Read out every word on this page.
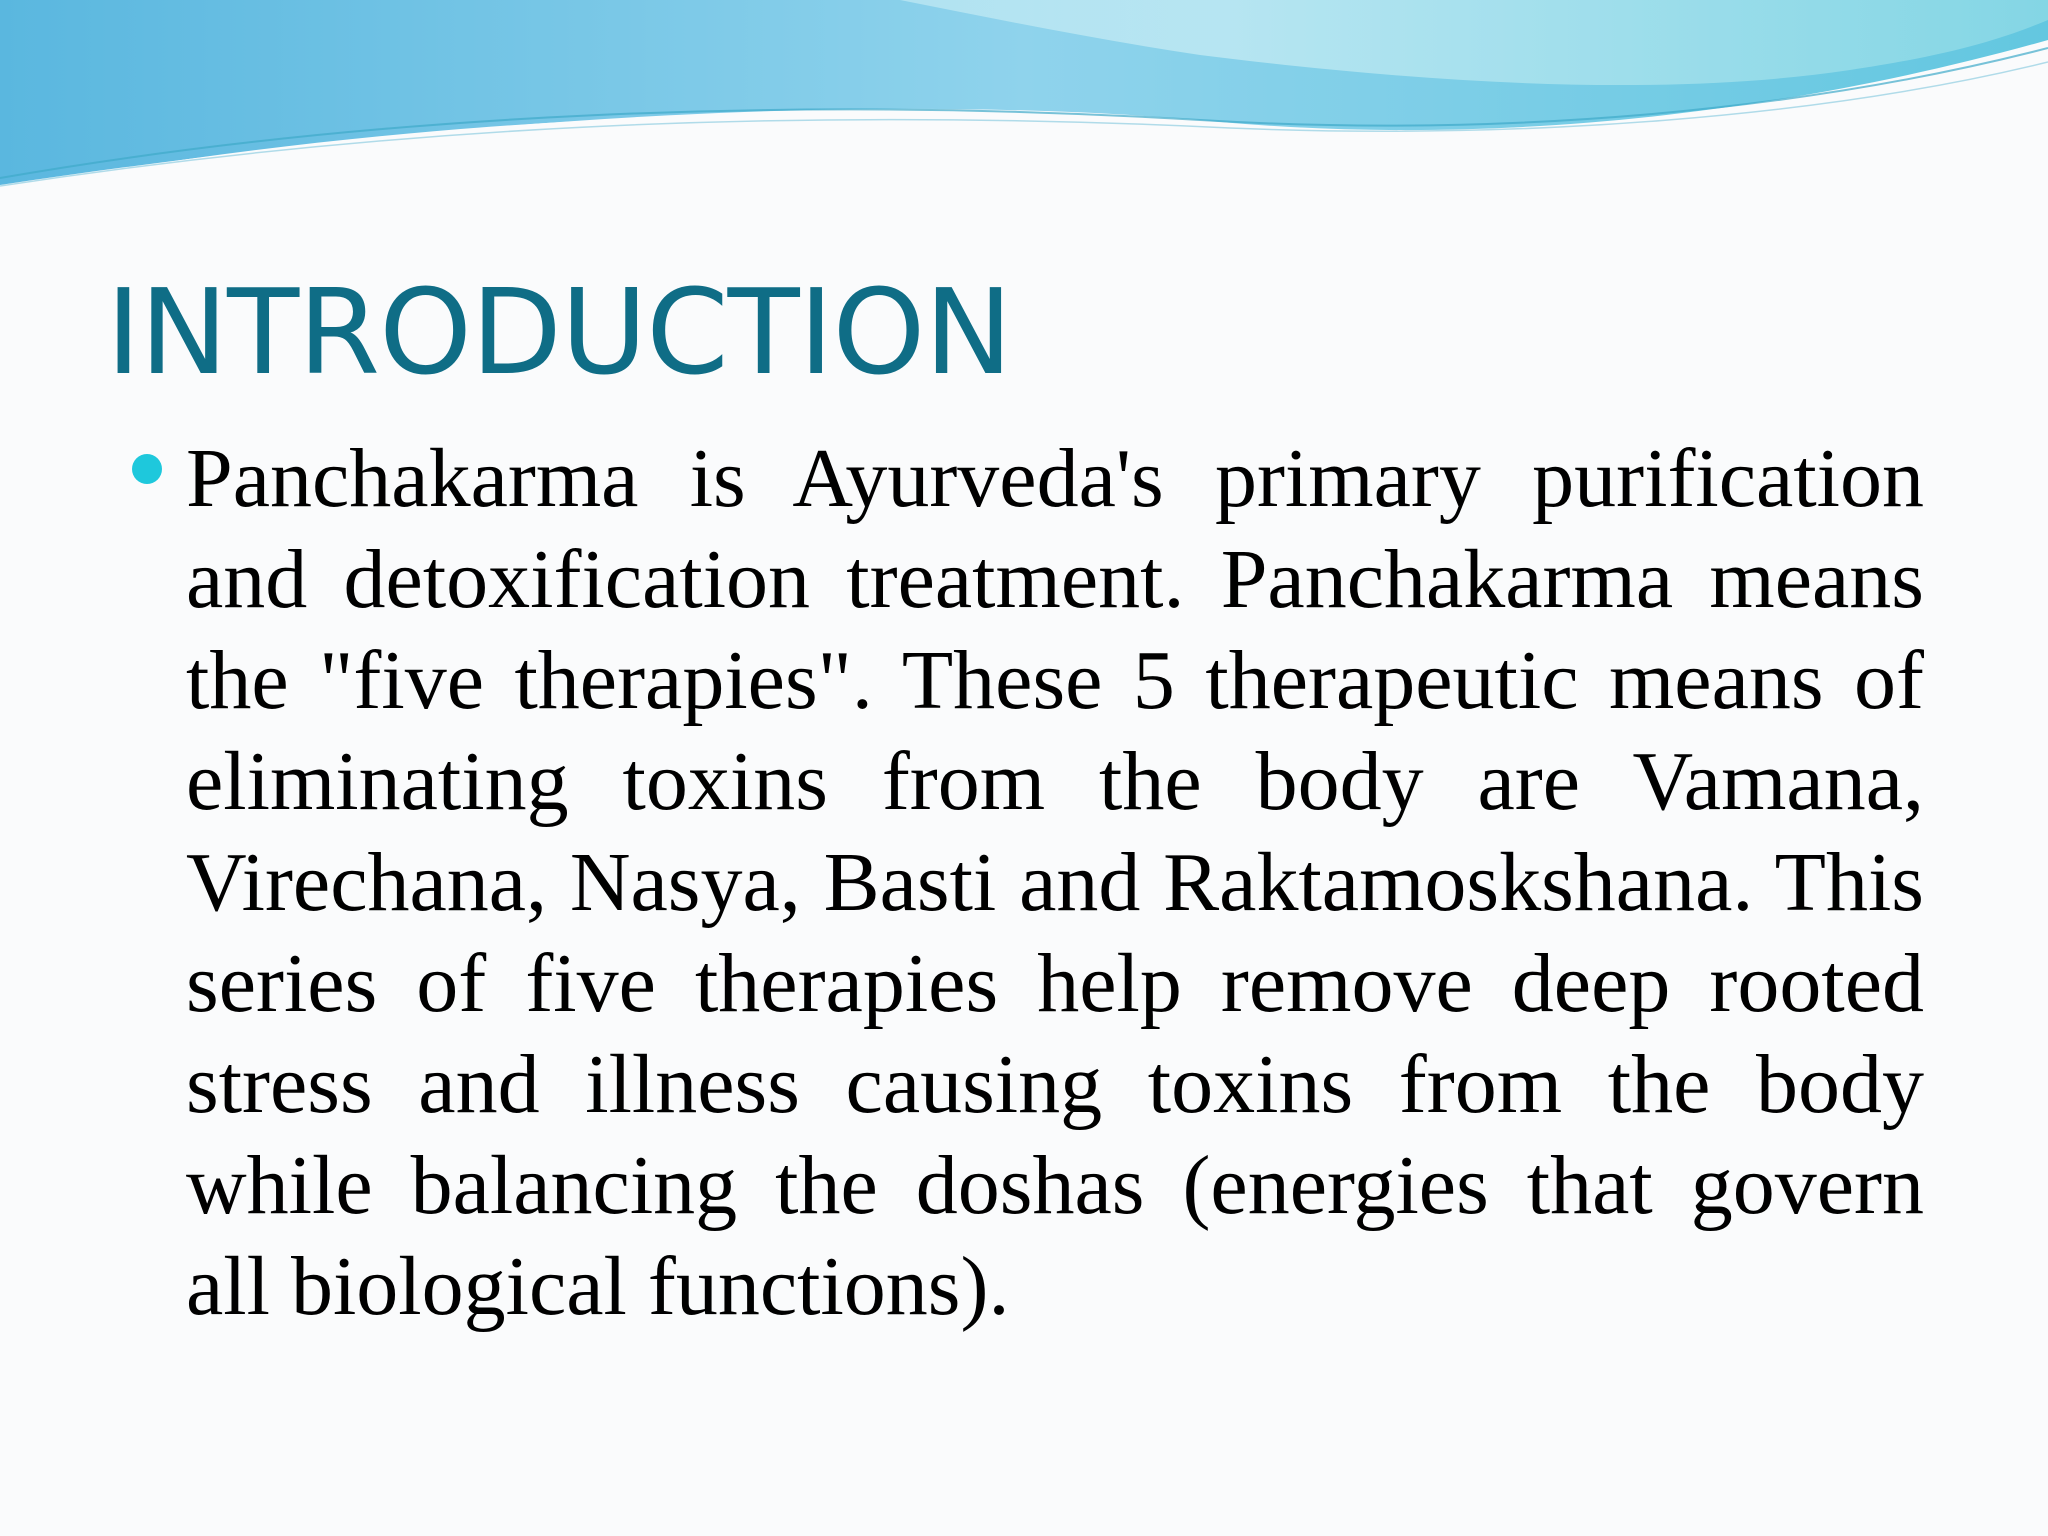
INTRODUCTION

Panchakarma is Ayurveda's primary purification and detoxification treatment. Panchakarma means the "five therapies". These 5 therapeutic means of eliminating toxins from the body are Vamana, Virechana, Nasya, Basti and Raktamoskshana. This series of five therapies help remove deep rooted stress and illness causing toxins from the body while balancing the doshas (energies that govern all biological functions).
